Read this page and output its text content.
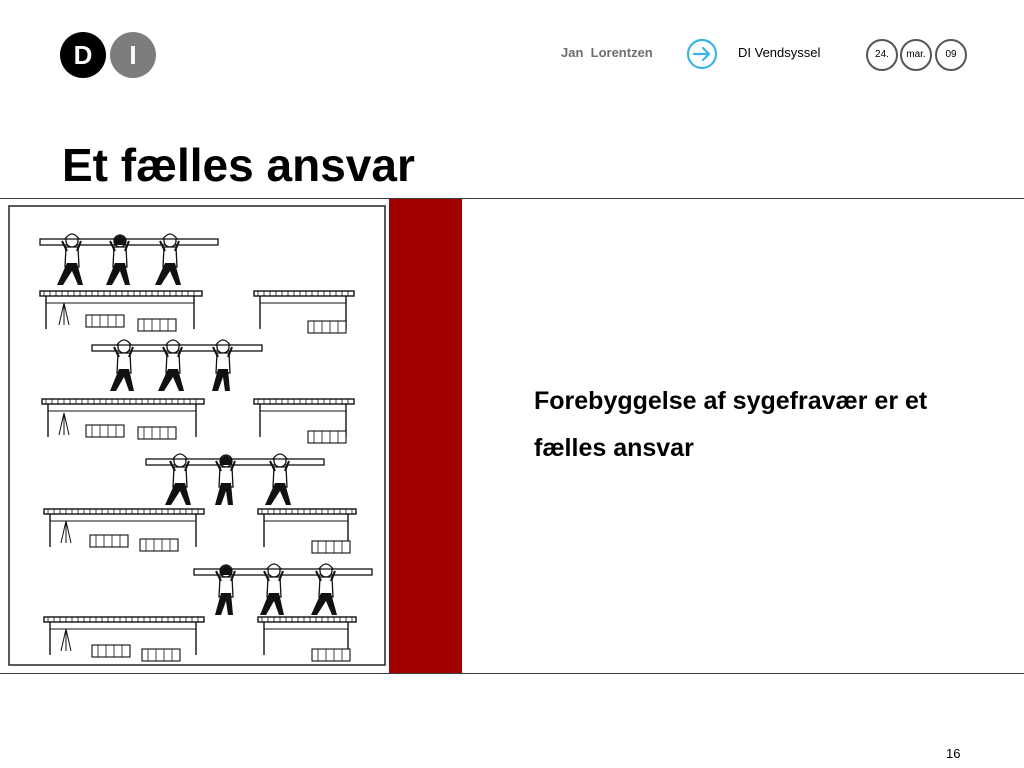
D	I	Jan  Lorentzen	DI Vendsyssel	24.	mar.	09
Et fælles ansvar
Forebyggelse af sygefravær er et fælles ansvar
16
